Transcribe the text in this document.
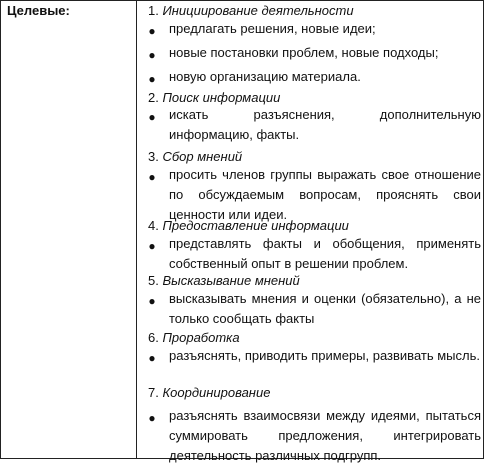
Целевые:	1. Инициирование деятельности
● предлагать решения, новые идеи;
● новые постановки проблем, новые подходы;
● новую организацию материала.
2. Поиск информации
● искать разъяснения, дополнительную информацию, факты.
3. Сбор мнений
● просить членов группы выражать свое отношение по обсуждаемым вопросам, прояснять свои ценности или идеи.
4. Предоставление информации
● представлять факты и обобщения, применять собственный опыт в решении проблем.
5. Высказывание мнений
● высказывать мнения и оценки (обязательно), а не только сообщать факты
6. Проработка
● разъяснять, приводить примеры, развивать мысль.
7. Координирование
● разъяснять взаимосвязи между идеями, пытаться суммировать предложения, интегрировать деятельность различных подгрупп.
